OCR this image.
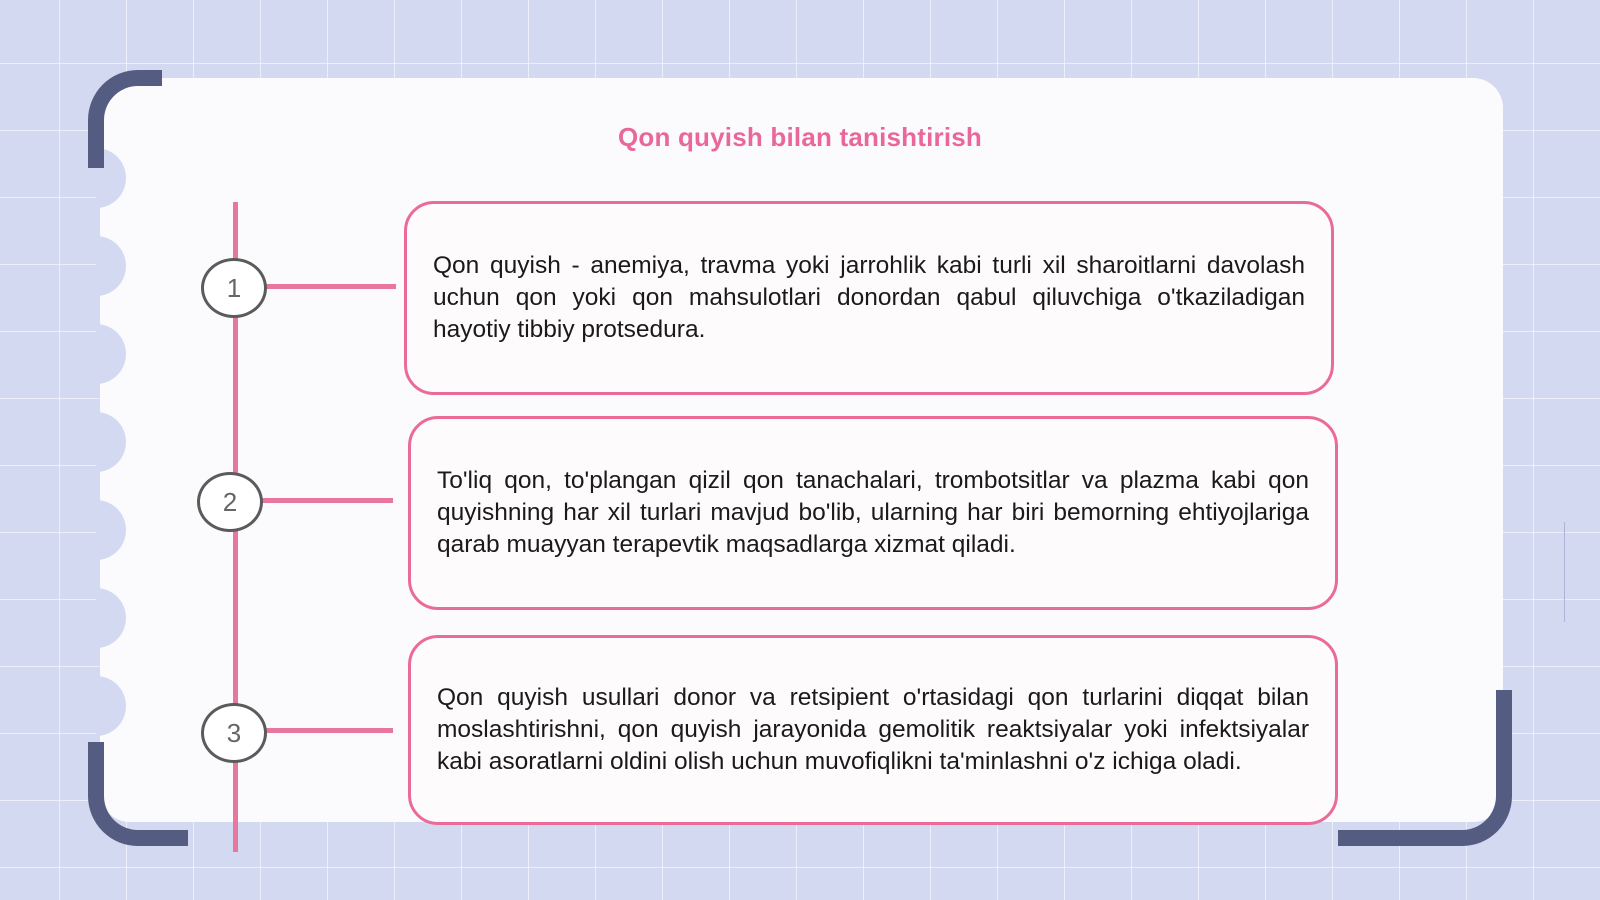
Qon quyish bilan tanishtirish
1
Qon quyish - anemiya, travma yoki jarrohlik kabi turli xil sharoitlarni davolash uchun qon yoki qon mahsulotlari donordan qabul qiluvchiga o'tkaziladigan hayotiy tibbiy protsedura.
2
To'liq qon, to'plangan qizil qon tanachalari, trombotsitlar va plazma kabi qon quyishning har xil turlari mavjud bo'lib, ularning har biri bemorning ehtiyojlariga qarab muayyan terapevtik maqsadlarga xizmat qiladi.
3
Qon quyish usullari donor va retsipient o'rtasidagi qon turlarini diqqat bilan moslashtirishni, qon quyish jarayonida gemolitik reaktsiyalar yoki infektsiyalar kabi asoratlarni oldini olish uchun muvofiqlikni ta'minlashni o'z ichiga oladi.
